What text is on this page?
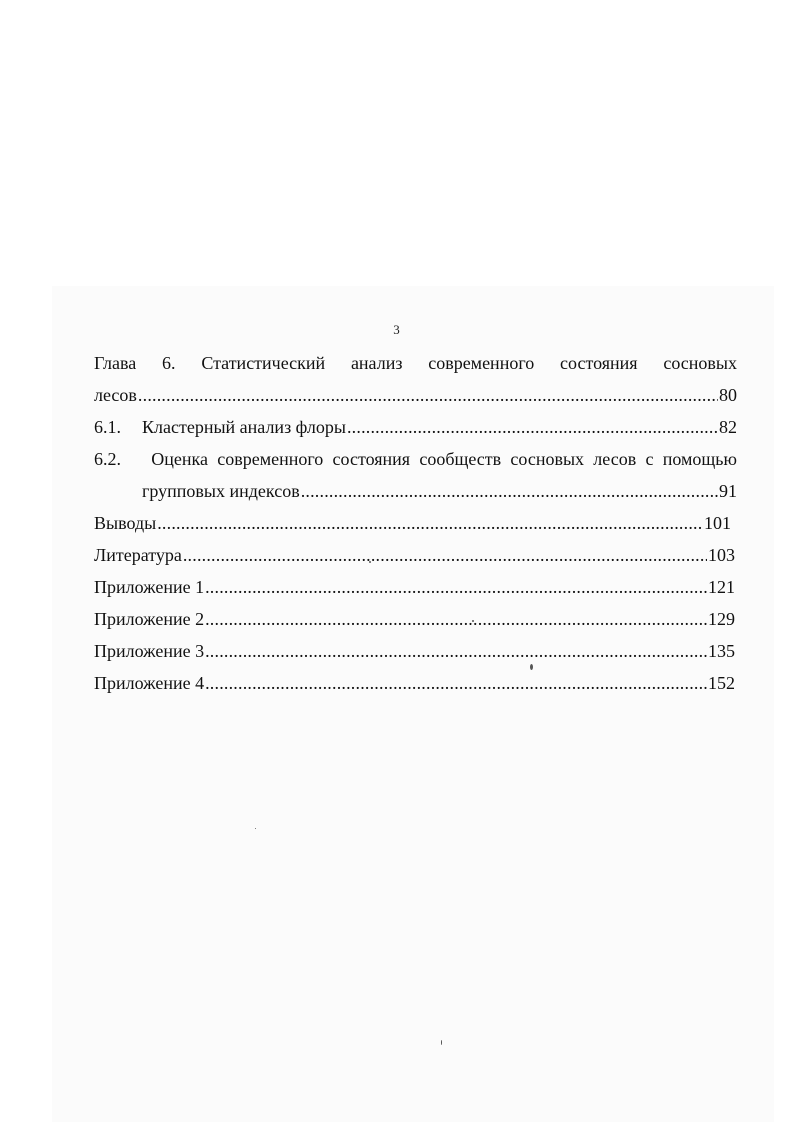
3
Глава 6. Статистический анализ современного состояния сосновых
лесов .....	80
6.1.	Кластерный анализ флоры .....	82
6.2.	Оценка современного состояния сообществ сосновых лесов с помощью
групповых индексов .....	91
Выводы .....	101
Литература .....	103
Приложение 1 .....	121
Приложение 2 .....	129
Приложение 3 .....	135
Приложение 4 .....	152
